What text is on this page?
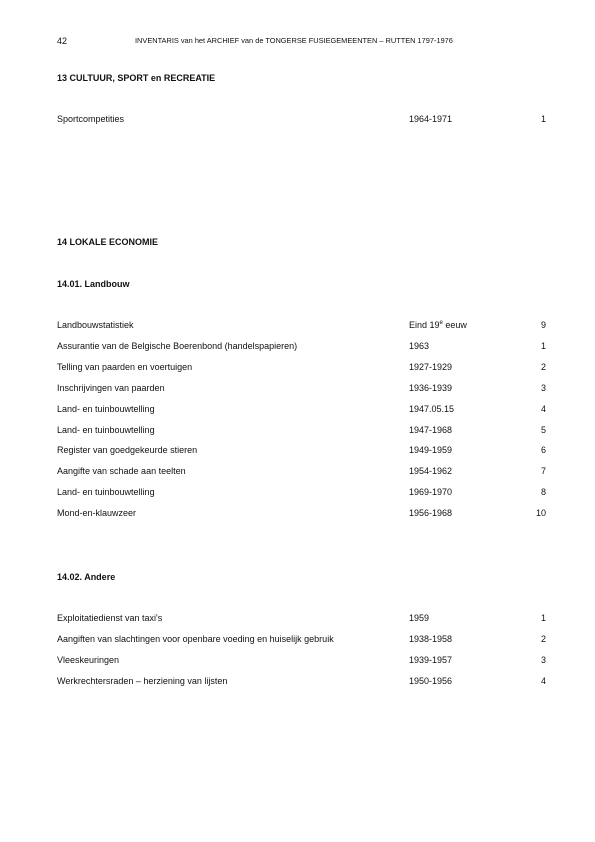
42	INVENTARIS van het ARCHIEF van de TONGERSE FUSIEGEMEENTEN – RUTTEN 1797-1976
13 CULTUUR, SPORT en RECREATIE
Sportcompetities	1964-1971	1
14 LOKALE ECONOMIE
14.01. Landbouw
Landbouwstatistiek	Eind 19e eeuw	9
Assurantie van de Belgische Boerenbond (handelspapieren)	1963	1
Telling van paarden en voertuigen	1927-1929	2
Inschrijvingen van paarden	1936-1939	3
Land- en tuinbouwtelling	1947.05.15	4
Land- en tuinbouwtelling	1947-1968	5
Register van goedgekeurde stieren	1949-1959	6
Aangifte van schade aan teelten	1954-1962	7
Land- en tuinbouwtelling	1969-1970	8
Mond-en-klauwzeer	1956-1968	10
14.02. Andere
Exploitatiedienst van taxi's	1959	1
Aangiften van slachtingen voor openbare voeding en huiselijk gebruik	1938-1958	2
Vleeskeuringen	1939-1957	3
Werkrechtersraden – herziening van lijsten	1950-1956	4
